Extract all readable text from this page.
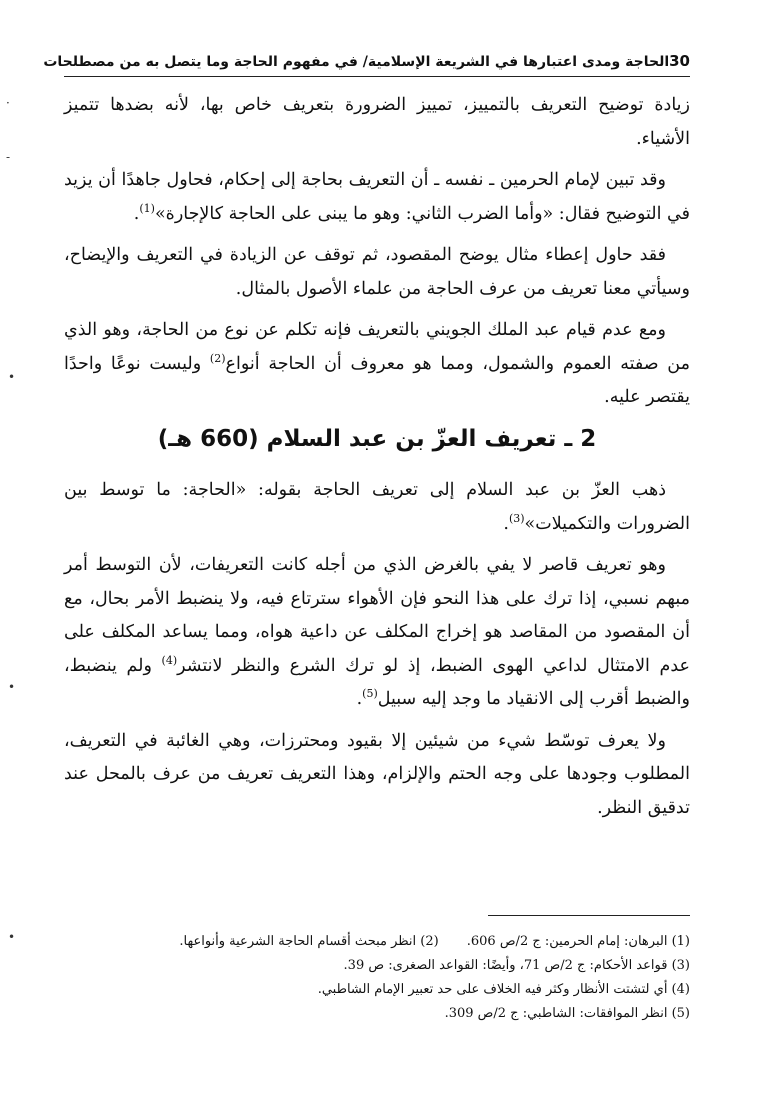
30
الحاجة ومدى اعتبارها في الشريعة الإسلامية/ في مفهوم الحاجة وما يتصل به من مصطلحات

زيادة توضيح التعريف بالتمييز، تمييز الضرورة بتعريف خاص بها، لأنه بضدها تتميز الأشياء.

وقد تبين لإمام الحرمين ـ نفسه ـ أن التعريف بحاجة إلى إحكام، فحاول جاهدًا أن يزيد في التوضيح فقال: «وأما الضرب الثاني: وهو ما يبنى على الحاجة كالإجارة»$^{(1)}$.

فقد حاول إعطاء مثال يوضح المقصود، ثم توقف عن الزيادة في التعريف والإيضاح، وسيأتي معنا تعريف من عرف الحاجة من علماء الأصول بالمثال.

ومع عدم قيام عبد الملك الجويني بالتعريف فإنه تكلم عن نوع من الحاجة، وهو الذي من صفته العموم والشمول، ومما هو معروف أن الحاجة أنواع$^{(2)}$ وليست نوعًا واحدًا يقتصر عليه.

2 ـ تعريف العزّ بن عبد السلام (660 هـ)

ذهب العزّ بن عبد السلام إلى تعريف الحاجة بقوله: «الحاجة: ما توسط بين الضرورات والتكميلات»$^{(3)}$.

وهو تعريف قاصر لا يفي بالغرض الذي من أجله كانت التعريفات، لأن التوسط أمر مبهم نسبي، إذا ترك على هذا النحو فإن الأهواء سترتاع فيه، ولا ينضبط الأمر بحال، مع أن المقصود من المقاصد هو إخراج المكلف عن داعية هواه، ومما يساعد المكلف على عدم الامتثال لداعي الهوى الضبط، إذ لو ترك الشرع والنظر لانتشر$^{(4)}$ ولم ينضبط، والضبط أقرب إلى الانقياد ما وجد إليه سبيل$^{(5)}$.

ولا يعرف توسّط شيء من شيئين إلا بقيود ومحترزات، وهي الغائبة في التعريف، المطلوب وجودها على وجه الحتم والإلزام، وهذا التعريف تعريف من عرف بالمحل عند تدقيق النظر.

(1) البرهان: إمام الحرمين: ج 2/ص 606.
(2) انظر مبحث أقسام الحاجة الشرعية وأنواعها.
(3) قواعد الأحكام: ج 2/ص 71، وأيضًا: القواعد الصغرى: ص 39.
(4) أي لتشتت الأنظار وكثر فيه الخلاف على حد تعبير الإمام الشاطبي.
(5) انظر الموافقات: الشاطبي: ج 2/ص 309.
·
-
•
•
•
